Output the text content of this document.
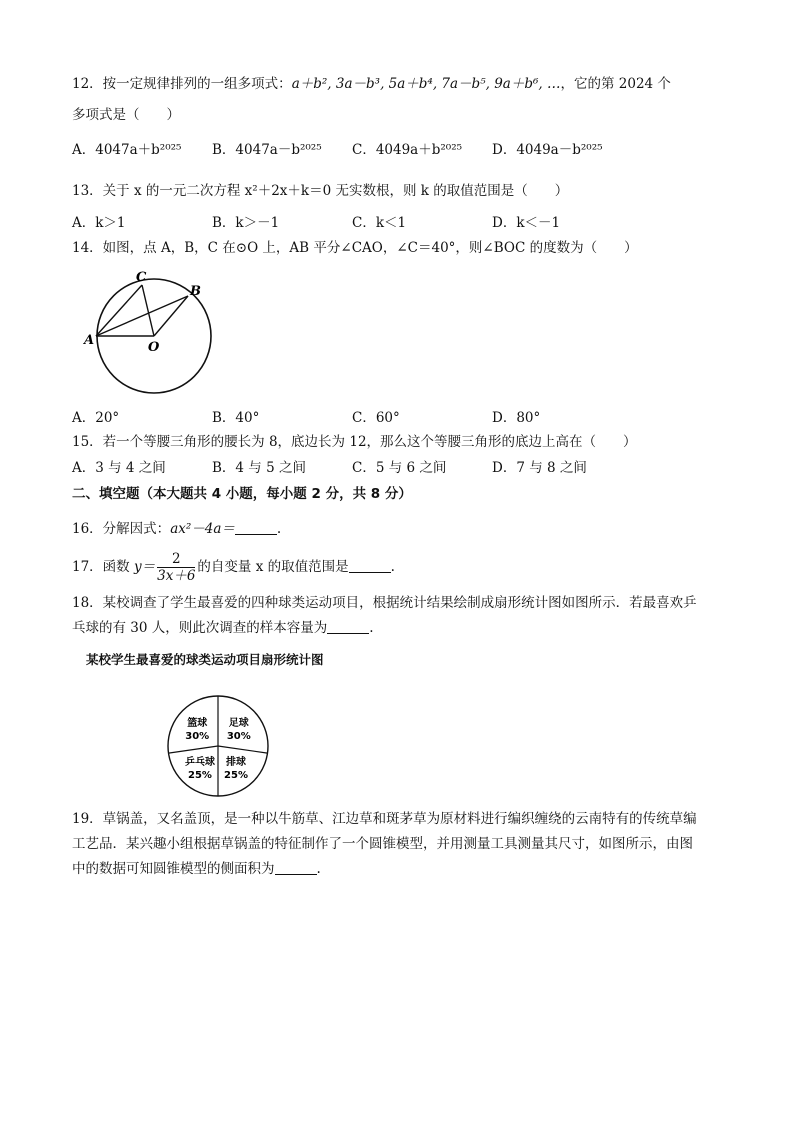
12．按一定规律排列的一组多项式：a＋b², 3a－b³, 5a＋b⁴, 7a－b⁵, 9a＋b⁶, …，它的第 2024 个
多项式是（　　）
A．4047a＋b²⁰²⁵ B．4047a－b²⁰²⁵ C．4049a＋b²⁰²⁵ D．4049a－b²⁰²⁵
13．关于 x 的一元二次方程 x²＋2x＋k＝0 无实数根，则 k 的取值范围是（　　）
A．k＞1	B．k＞－1	C．k＜1	D．k＜－1
14．如图，点 A，B，C 在⊙O 上，AB 平分∠CAO，∠C＝40°，则∠BOC 的度数为（　　）
C
B
A	O
A．20°	B．40°	C．60°	D．80°
15．若一个等腰三角形的腰长为 8，底边长为 12，那么这个等腰三角形的底边上高在（　　）
A．3 与 4 之间	B．4 与 5 之间	C．5 与 6 之间	D．7 与 8 之间
二、填空题（本大题共 4 小题，每小题 2 分，共 8 分）
16．分解因式：ax²－4a＝	.
17．函数 $y= \frac{2}{3x+6}$ 的自变量 x 的取值范围是	.
18．某校调查了学生最喜爱的四种球类运动项目，根据统计结果绘制成扇形统计图如图所示．若最喜欢乒
乓球的有 30 人，则此次调查的样本容量为	.
某校学生最喜爱的球类运动项目扇形统计图
足球
30%
排球
25%
乒乓球
25%
篮球
30%
19．草锅盖，又名盖顶，是一种以牛筋草、江边草和斑茅草为原材料进行编织缠绕的云南特有的传统草编
工艺品．某兴趣小组根据草锅盖的特征制作了一个圆锥模型，并用测量工具测量其尺寸，如图所示，由图
中的数据可知圆锥模型的侧面积为	.
